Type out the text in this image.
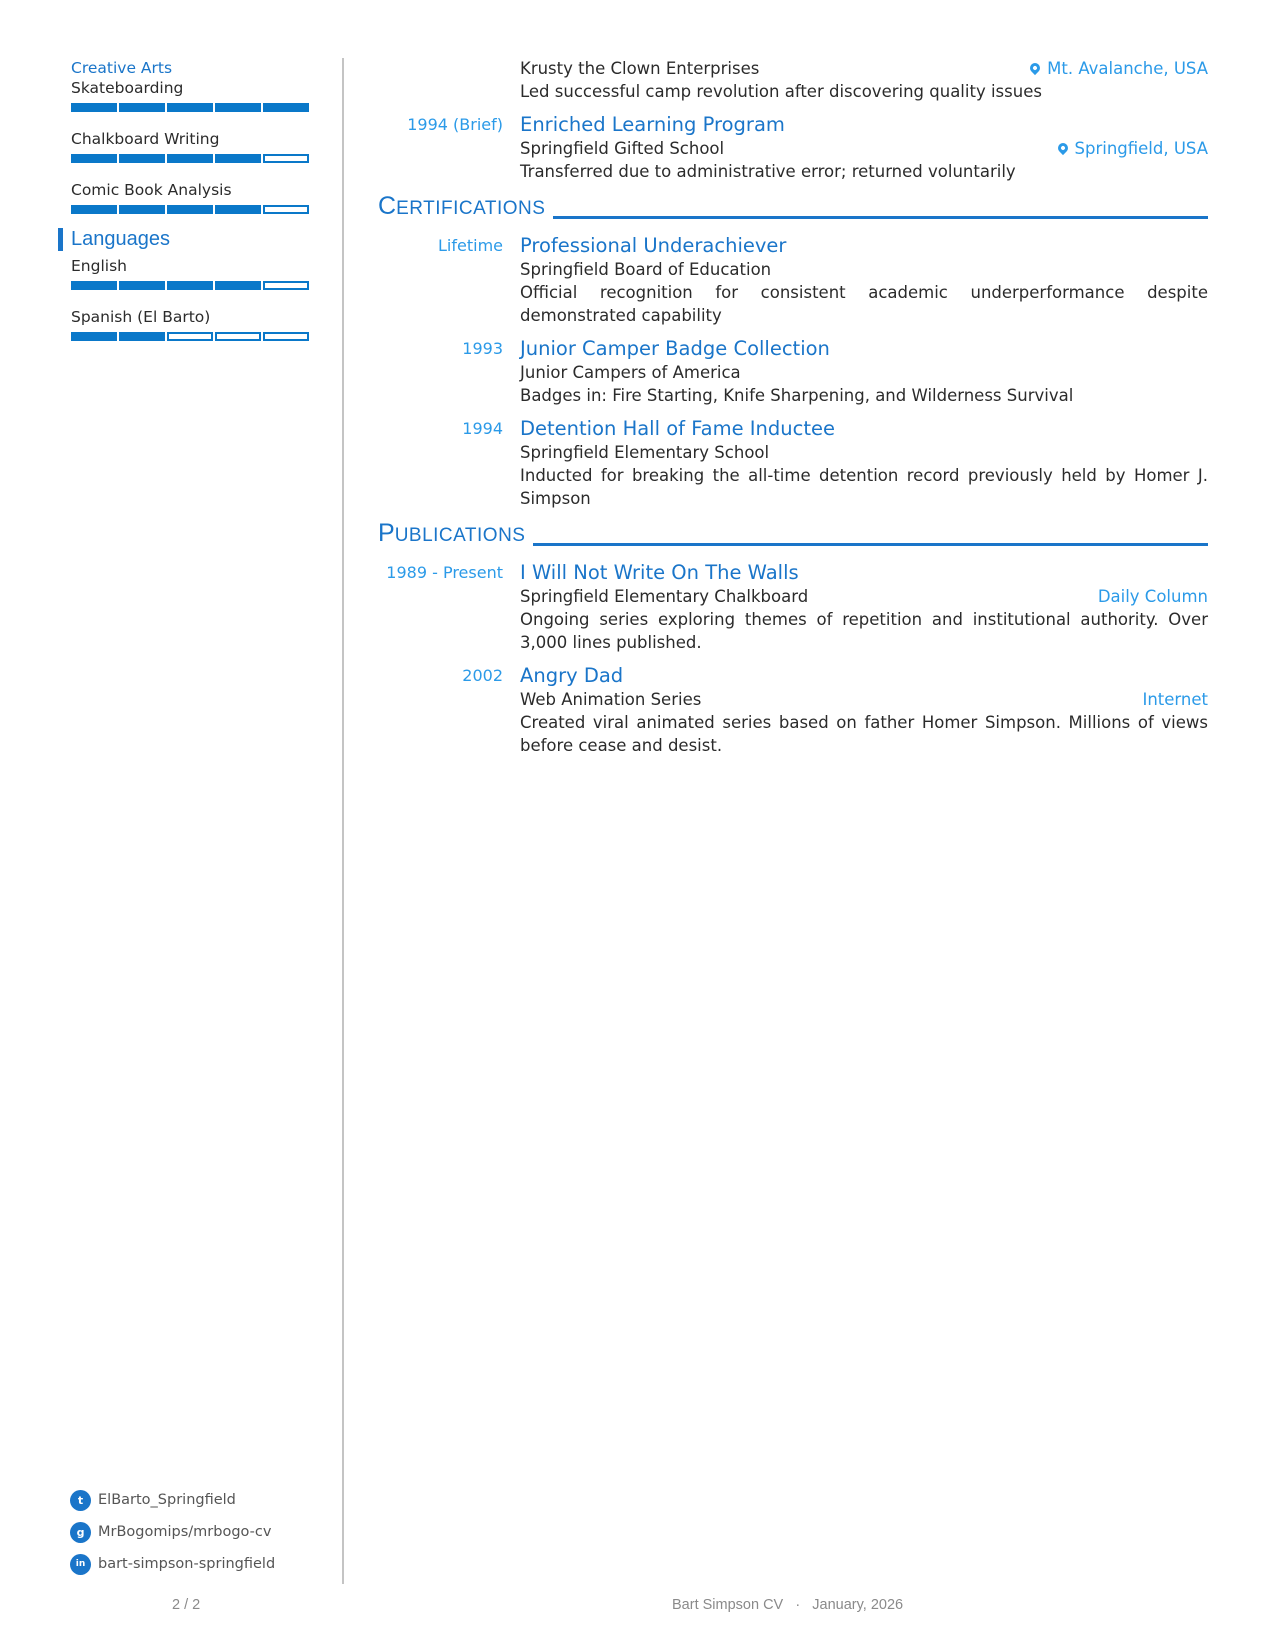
Creative Arts
Skateboarding
Chalkboard Writing
Comic Book Analysis
Languages
English
Spanish (El Barto)
t	ElBarto_Springfield
g MrBogomips/mrbogo-cv
in bart-simpson-springfield
2 / 2	Bart Simpson CV · January, 2026
Krusty the Clown Enterprises	Mt. Avalanche, USA
Led successful camp revolution after discovering quality issues
1994 (Brief) Enriched Learning Program
Springfield Gifted School	Springfield, USA
Transferred due to administrative error; returned voluntarily
CERTIFICATIONS
Lifetime Professional Underachiever
Springfield Board of Education
Official recognition for consistent academic underperformance despite demonstrated capability
1993 Junior Camper Badge Collection
Junior Campers of America
Badges in: Fire Starting, Knife Sharpening, and Wilderness Survival
1994 Detention Hall of Fame Inductee
Springfield Elementary School
Inducted for breaking the all-time detention record previously held by Homer J. Simpson
PUBLICATIONS
1989 - Present I Will Not Write On The Walls
Springfield Elementary Chalkboard	Daily Column
Ongoing series exploring themes of repetition and institutional authority. Over 3,000 lines published.
2002 Angry Dad
Web Animation Series	Internet
Created viral animated series based on father Homer Simpson. Millions of views before cease and desist.
